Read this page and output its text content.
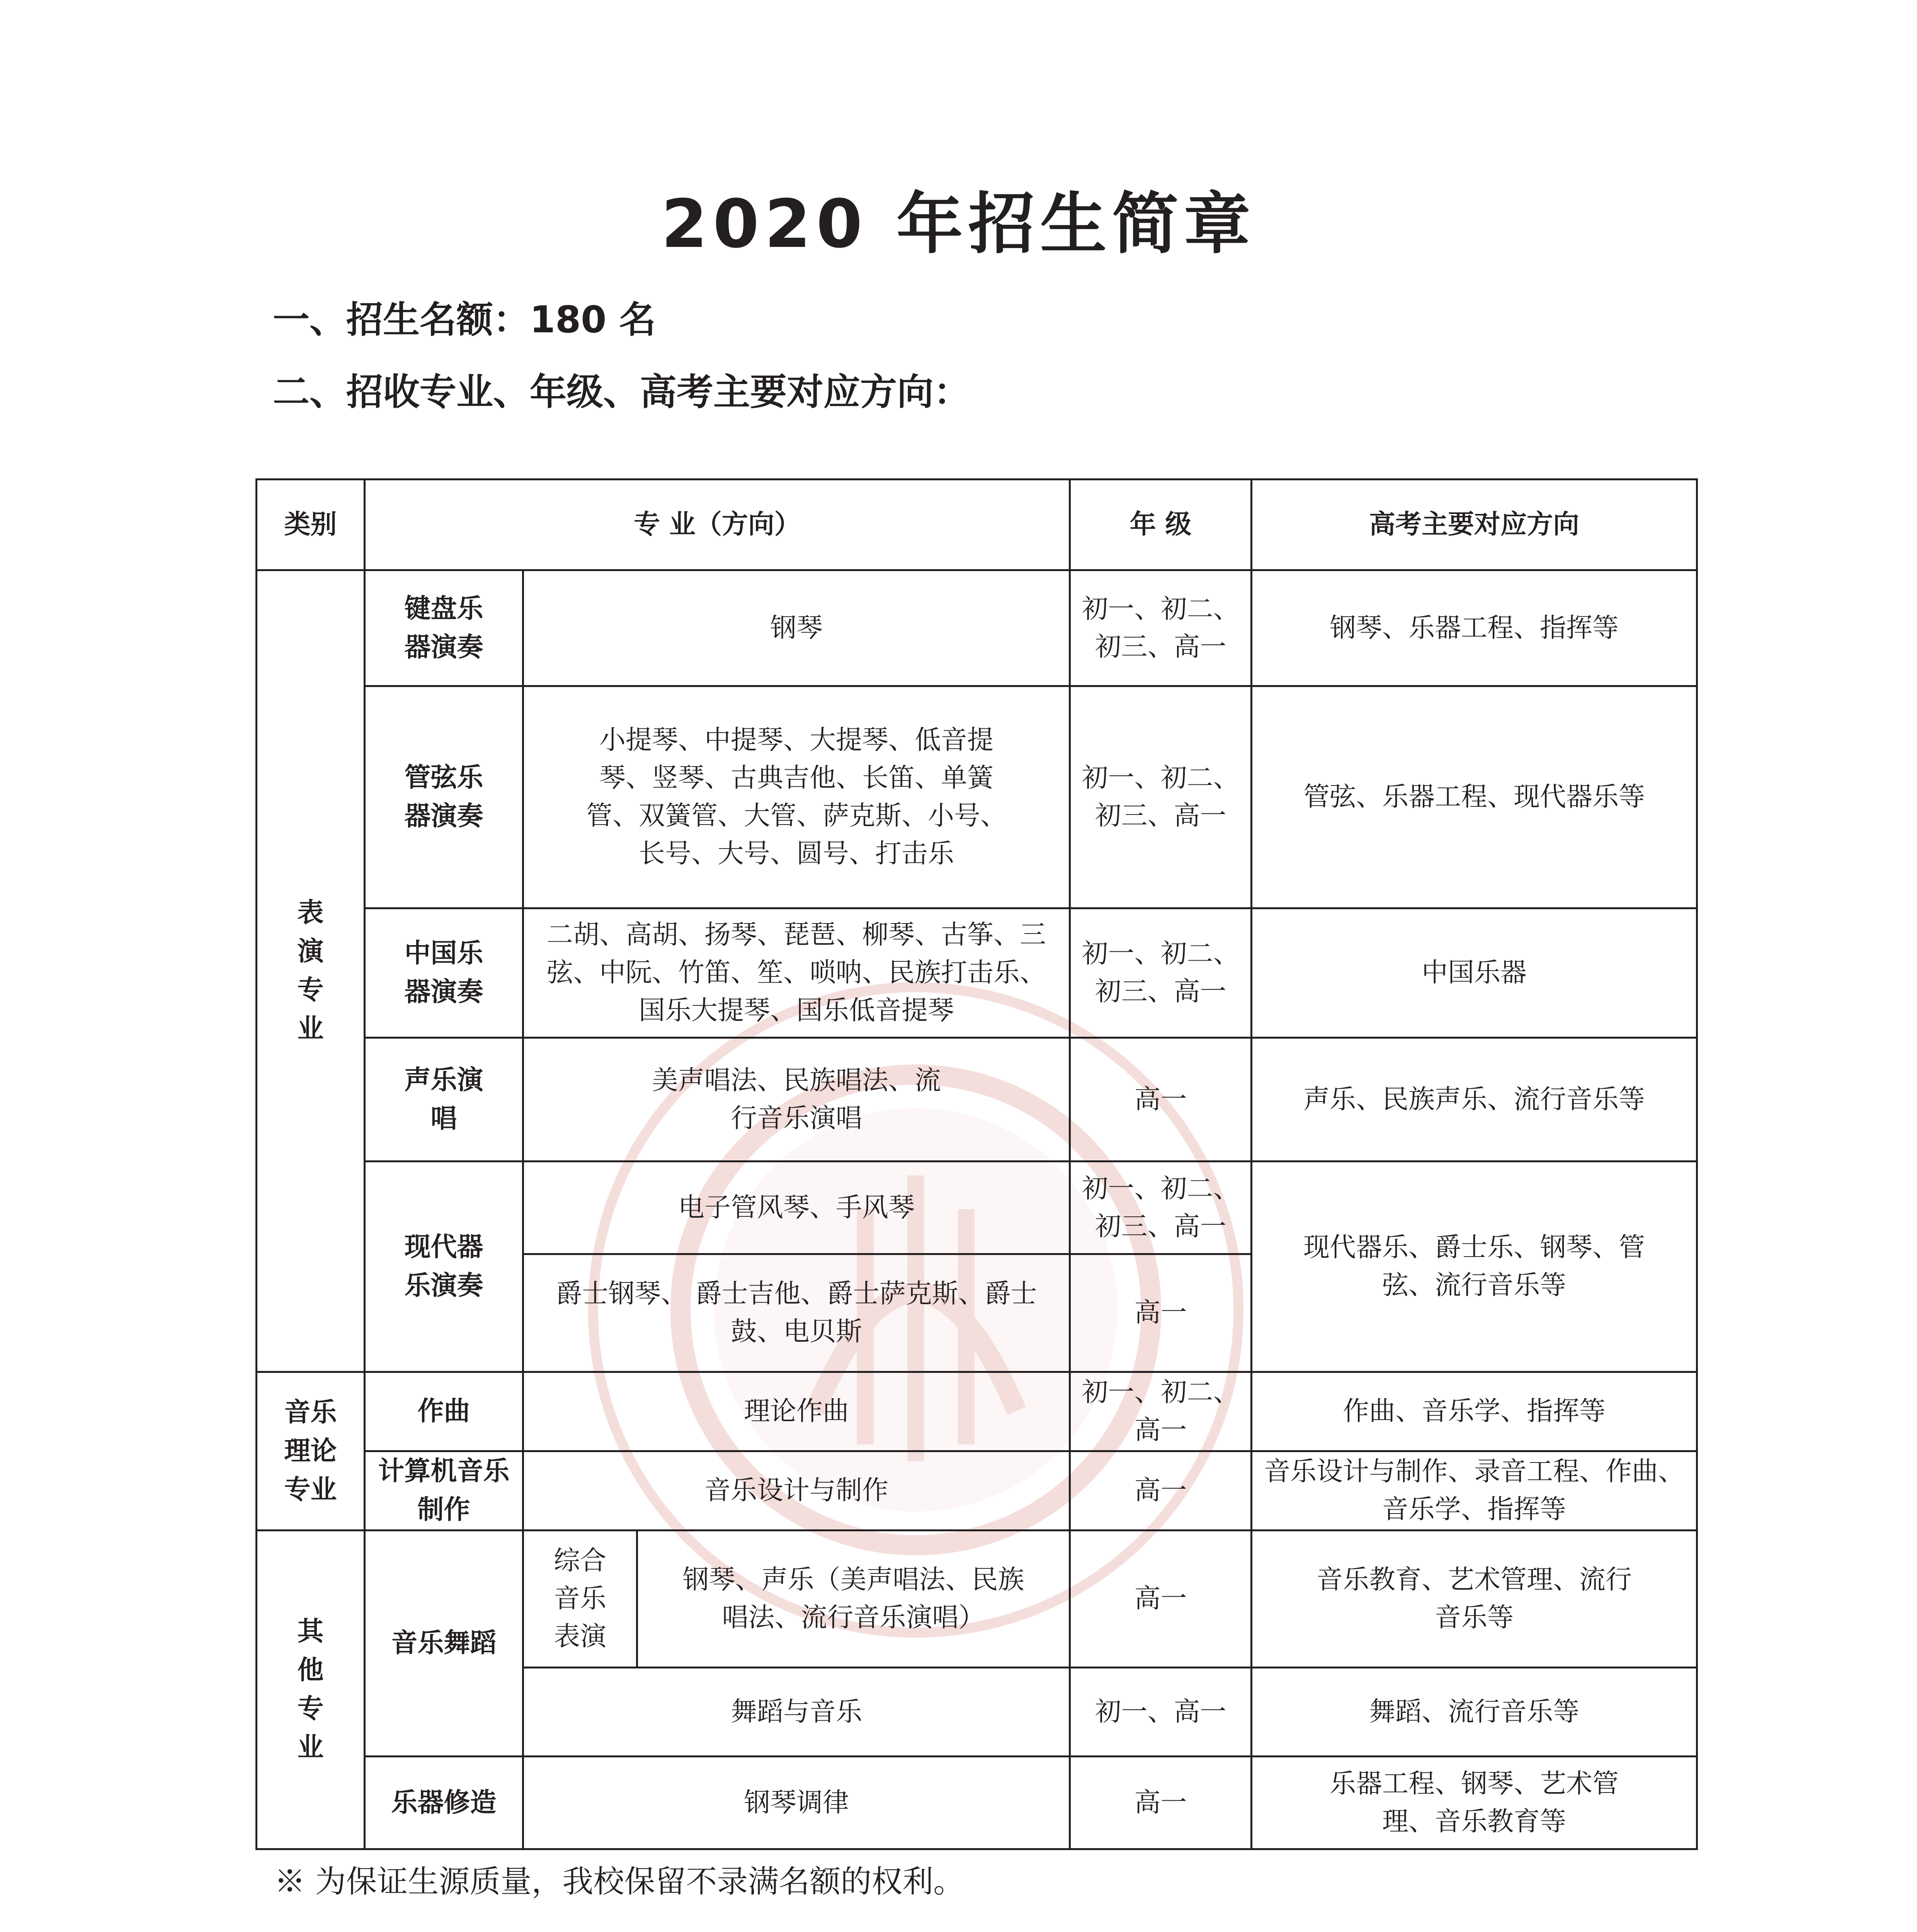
2020 年招生简章
一、招生名额：180 名
二、招收专业、年级、高考主要对应方向：
类别	专 业（方向）			年 级	高考主要对应方向
表演专业	键盘乐器演奏	钢琴		初一、初二、初三、高一	钢琴、乐器工程、指挥等
	管弦乐器演奏	小提琴、中提琴、大提琴、低音提琴、竖琴、古典吉他、长笛、单簧管、双簧管、大管、萨克斯、小号、长号、大号、圆号、打击乐		初一、初二、初三、高一	管弦、乐器工程、现代器乐等
	中国乐器演奏	二胡、高胡、扬琴、琵琶、柳琴、古筝、三弦、中阮、竹笛、笙、唢呐、民族打击乐、国乐大提琴、国乐低音提琴		初一、初二、初三、高一	中国乐器
	声乐演唱	美声唱法、民族唱法、流行音乐演唱		高一	声乐、民族声乐、流行音乐等
	现代器乐演奏	电子管风琴、手风琴		初一、初二、初三、高一	现代器乐、爵士乐、钢琴、管弦、流行音乐等
		爵士钢琴、 爵士吉他、爵士萨克斯、爵士鼓、电贝斯		高一	
音乐理论专业	作曲	理论作曲		初一、初二、高一	作曲、音乐学、指挥等
	计算机音乐制作	音乐设计与制作		高一	音乐设计与制作、录音工程、作曲、音乐学、指挥等
其他专业	音乐舞蹈	综合音乐表演	钢琴、声乐（美声唱法、民族唱法、流行音乐演唱）	高一	音乐教育、艺术管理、流行音乐等
		舞蹈与音乐		初一、高一	舞蹈、流行音乐等
	乐器修造	钢琴调律		高一	乐器工程、钢琴、艺术管理、音乐教育等
※ 为保证生源质量，我校保留不录满名额的权利。
